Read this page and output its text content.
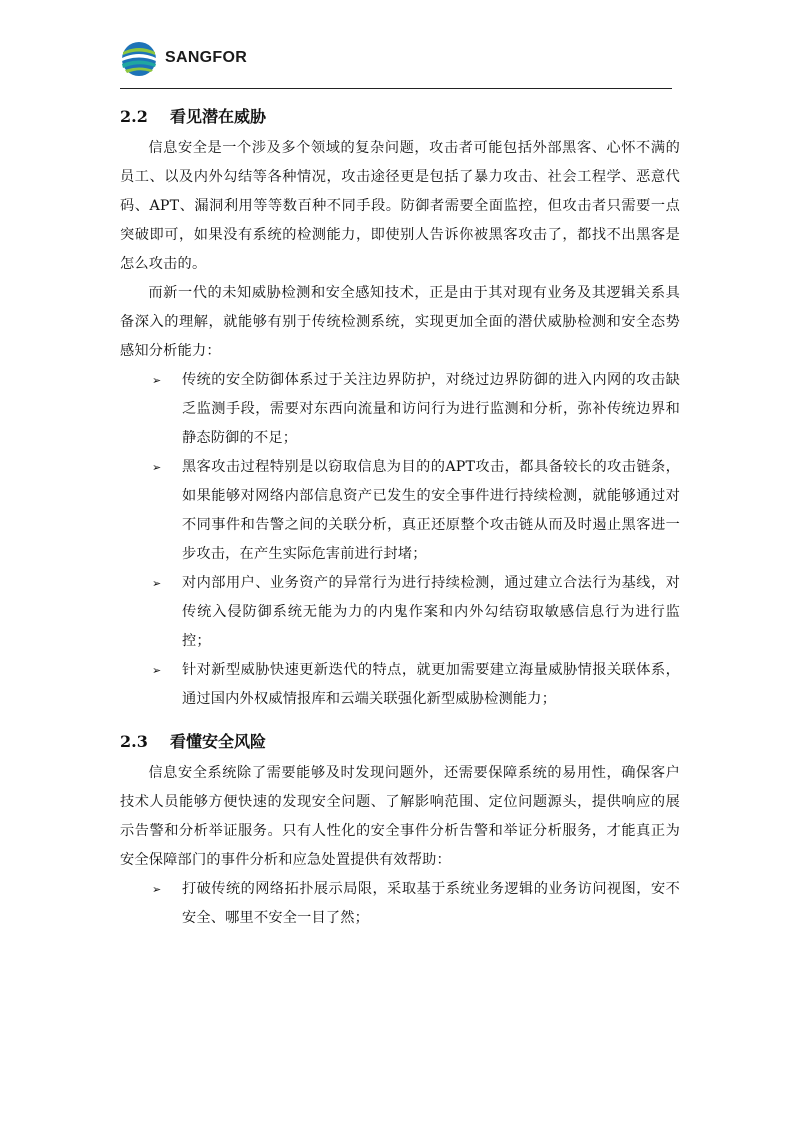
SANGFOR
2.2 看见潜在威胁

信息安全是一个涉及多个领域的复杂问题，攻击者可能包括外部黑客、心怀不满的员工、以及内外勾结等各种情况，攻击途径更是包括了暴力攻击、社会工程学、恶意代码、APT、漏洞利用等等数百种不同手段。防御者需要全面监控，但攻击者只需要一点突破即可，如果没有系统的检测能力，即使别人告诉你被黑客攻击了，都找不出黑客是怎么攻击的。

而新一代的未知威胁检测和安全感知技术，正是由于其对现有业务及其逻辑关系具备深入的理解，就能够有别于传统检测系统，实现更加全面的潜伏威胁检测和安全态势感知分析能力：

➢ 传统的安全防御体系过于关注边界防护，对绕过边界防御的进入内网的攻击缺乏监测手段，需要对东西向流量和访问行为进行监测和分析，弥补传统边界和静态防御的不足；
➢ 黑客攻击过程特别是以窃取信息为目的的APT攻击，都具备较长的攻击链条，如果能够对网络内部信息资产已发生的安全事件进行持续检测，就能够通过对不同事件和告警之间的关联分析，真正还原整个攻击链从而及时遏止黑客进一步攻击，在产生实际危害前进行封堵；
➢ 对内部用户、业务资产的异常行为进行持续检测，通过建立合法行为基线，对传统入侵防御系统无能为力的内鬼作案和内外勾结窃取敏感信息行为进行监控；
➢ 针对新型威胁快速更新迭代的特点，就更加需要建立海量威胁情报关联体系，通过国内外权威情报库和云端关联强化新型威胁检测能力；
2.3 看懂安全风险

信息安全系统除了需要能够及时发现问题外，还需要保障系统的易用性，确保客户技术人员能够方便快速的发现安全问题、了解影响范围、定位问题源头，提供响应的展示告警和分析举证服务。只有人性化的安全事件分析告警和举证分析服务，才能真正为安全保障部门的事件分析和应急处置提供有效帮助：

➢ 打破传统的网络拓扑展示局限，采取基于系统业务逻辑的业务访问视图，安不安全、哪里不安全一目了然；
